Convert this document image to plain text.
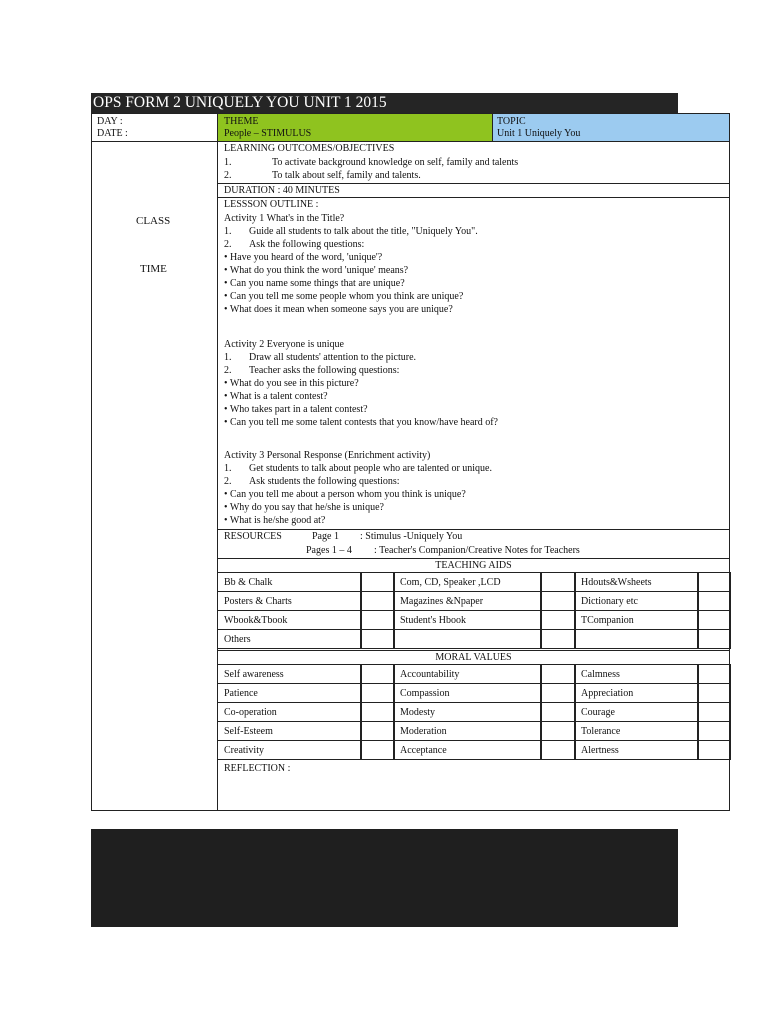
OPS FORM 2 UNIQUELY YOU UNIT 1 2015
DAY :
DATE :
THEME
People – STIMULUS
TOPIC
Unit 1 Uniquely You
CLASS
TIME
LEARNING OUTCOMES/OBJECTIVES
1.	To activate background knowledge on self, family and talents
2.	To talk about self, family and talents.
DURATION : 40 MINUTES
LESSSON OUTLINE :
Activity 1 What's in the Title?
1. Guide all students to talk about the title, "Uniquely You".
2. Ask the following questions:
• Have you heard of the word, 'unique'?
• What do you think the word 'unique' means?
• Can you name some things that are unique?
• Can you tell me some people whom you think are unique?
• What does it mean when someone says you are unique?
Activity 2 Everyone is unique
1. Draw all students' attention to the picture.
2. Teacher asks the following questions:
• What do you see in this picture?
• What is a talent contest?
• Who takes part in a talent contest?
• Can you tell me some talent contests that you know/have heard of?
Activity 3 Personal Response (Enrichment activity)
1. Get students to talk about people who are talented or unique.
2. Ask students the following questions:
• Can you tell me about a person whom you think is unique?
• Why do you say that he/she is unique?
• What is he/she good at?
RESOURCES	Page 1 : Stimulus -Uniquely You
Pages 1 – 4 : Teacher's Companion/Creative Notes for Teachers
TEACHING AIDS
Bb & Chalk	Com, CD, Speaker ,LCD	Hdouts&Wsheets
Posters & Charts	Magazines &Npaper	Dictionary etc
Wbook&Tbook	Student's Hbook	TCompanion
Others
MORAL VALUES
Self awareness	Accountability	Calmness
Patience	Compassion	Appreciation
Co-operation	Modesty	Courage
Self-Esteem	Moderation	Tolerance
Creativity	Acceptance	Alertness
REFLECTION :
